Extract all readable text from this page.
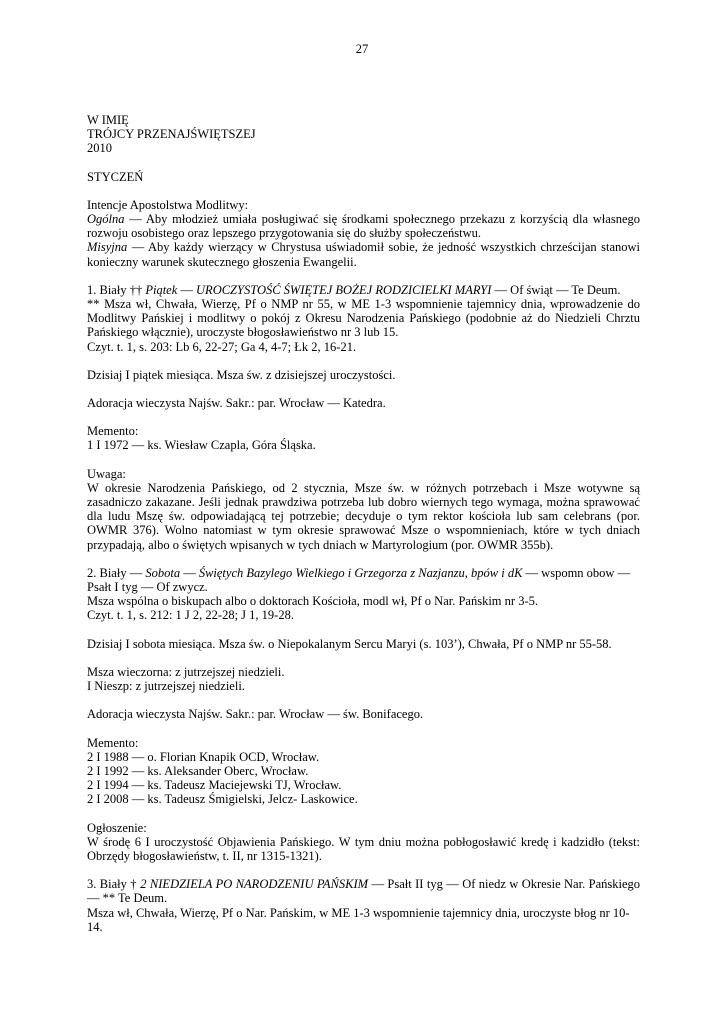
27

W IMIĘ

TRÓJCY PRZENAJŚWIĘTSZEJ

2010

STYCZEŃ

Intencje Apostolstwa Modlitwy:

Ogólna — Aby młodzież umiała posługiwać się środkami społecznego przekazu z korzyścią dla własnego rozwoju osobistego oraz lepszego przygotowania się do służby społeczeństwu.

Misyjna — Aby każdy wierzący w Chrystusa uświadomił sobie, że jedność wszystkich chrześcijan stanowi konieczny warunek skutecznego głoszenia Ewangelii.

1. Biały †† Piątek — UROCZYSTOŚĆ ŚWIĘTEJ BOŻEJ RODZICIELKI MARYI — Of świąt — Te Deum.

** Msza wł, Chwała, Wierzę, Pf o NMP nr 55, w ME 1-3 wspomnienie tajemnicy dnia, wprowadzenie do Modlitwy Pańskiej i modlitwy o pokój z Okresu Narodzenia Pańskiego (podobnie aż do Niedzieli Chrztu Pańskiego włącznie), uroczyste błogosławieństwo nr 3 lub 15.

Czyt. t. 1, s. 203: Lb 6, 22-27; Ga 4, 4-7; Łk 2, 16-21.

Dzisiaj I piątek miesiąca. Msza św. z dzisiejszej uroczystości.

Adoracja wieczysta Najśw. Sakr.: par. Wrocław — Katedra.

Memento:

1 I 1972 — ks. Wiesław Czapla, Góra Śląska.

Uwaga:

W okresie Narodzenia Pańskiego, od 2 stycznia, Msze św. w różnych potrzebach i Msze wotywne są zasadniczo zakazane. Jeśli jednak prawdziwa potrzeba lub dobro wiernych tego wymaga, można sprawować dla ludu Mszę św. odpowiadającą tej potrzebie; decyduje o tym rektor kościoła lub sam celebrans (por. OWMR 376). Wolno natomiast w tym okresie sprawować Msze o wspomnieniach, które w tych dniach przypadają, albo o świętych wpisanych w tych dniach w Martyrologium (por. OWMR 355b).

2. Biały — Sobota — Świętych Bazylego Wielkiego i Grzegorza z Nazjanzu, bpów i dK — wspomn obow — Psałt I tyg — Of zwycz.

Msza wspólna o biskupach albo o doktorach Kościoła, modl wł, Pf o Nar. Pańskim nr 3-5.

Czyt. t. 1, s. 212: 1 J 2, 22-28; J 1, 19-28.

Dzisiaj I sobota miesiąca. Msza św. o Niepokalanym Sercu Maryi (s. 103’), Chwała, Pf o NMP nr 55-58.

Msza wieczorna: z jutrzejszej niedzieli.

I Nieszp: z jutrzejszej niedzieli.

Adoracja wieczysta Najśw. Sakr.: par. Wrocław — św. Bonifacego.

Memento:

2 I 1988 — o. Florian Knapik OCD, Wrocław.

2 I 1992 — ks. Aleksander Oberc, Wrocław.

2 I 1994 — ks. Tadeusz Maciejewski TJ, Wrocław.

2 I 2008 — ks. Tadeusz Śmigielski, Jelcz- Laskowice.

Ogłoszenie:

W środę 6 I uroczystość Objawienia Pańskiego. W tym dniu można pobłogosławić kredę i kadzidło (tekst: Obrzędy błogosławieństw, t. II, nr 1315-1321).

3. Biały † 2 NIEDZIELA PO NARODZENIU PAŃSKIM — Psałt II tyg — Of niedz w Okresie Nar. Pańskiego — ** Te Deum.

Msza wł, Chwała, Wierzę, Pf o Nar. Pańskim, w ME 1-3 wspomnienie tajemnicy dnia, uroczyste błog nr 10-14.
